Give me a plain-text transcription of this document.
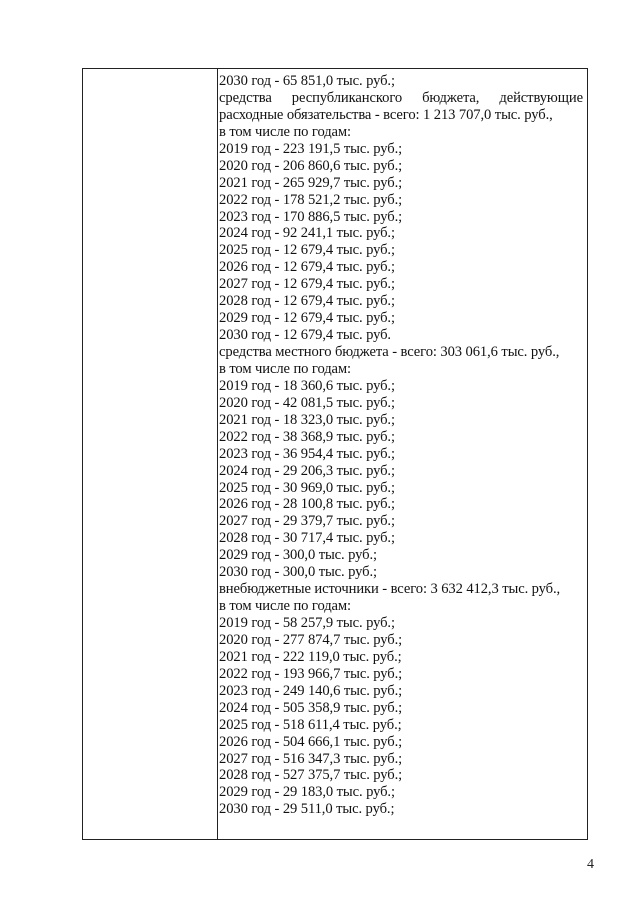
2030 год - 65 851,0 тыс. руб.;
средства республиканского бюджета, действующие
расходные обязательства - всего: 1 213 707,0 тыс. руб.,
в том числе по годам:
2019 год - 223 191,5 тыс. руб.;
2020 год - 206 860,6 тыс. руб.;
2021 год - 265 929,7 тыс. руб.;
2022 год - 178 521,2 тыс. руб.;
2023 год - 170 886,5 тыс. руб.;
2024 год - 92 241,1 тыс. руб.;
2025 год - 12 679,4 тыс. руб.;
2026 год - 12 679,4 тыс. руб.;
2027 год - 12 679,4 тыс. руб.;
2028 год - 12 679,4 тыс. руб.;
2029 год - 12 679,4 тыс. руб.;
2030 год - 12 679,4 тыс. руб.
средства местного бюджета - всего: 303 061,6 тыс. руб.,
в том числе по годам:
2019 год - 18 360,6 тыс. руб.;
2020 год - 42 081,5 тыс. руб.;
2021 год - 18 323,0 тыс. руб.;
2022 год - 38 368,9 тыс. руб.;
2023 год - 36 954,4 тыс. руб.;
2024 год - 29 206,3 тыс. руб.;
2025 год - 30 969,0 тыс. руб.;
2026 год - 28 100,8 тыс. руб.;
2027 год - 29 379,7 тыс. руб.;
2028 год - 30 717,4 тыс. руб.;
2029 год - 300,0 тыс. руб.;
2030 год - 300,0 тыс. руб.;
внебюджетные источники - всего: 3 632 412,3 тыс. руб.,
в том числе по годам:
2019 год - 58 257,9 тыс. руб.;
2020 год - 277 874,7 тыс. руб.;
2021 год - 222 119,0 тыс. руб.;
2022 год - 193 966,7 тыс. руб.;
2023 год - 249 140,6 тыс. руб.;
2024 год - 505 358,9 тыс. руб.;
2025 год - 518 611,4 тыс. руб.;
2026 год - 504 666,1 тыс. руб.;
2027 год - 516 347,3 тыс. руб.;
2028 год - 527 375,7 тыс. руб.;
2029 год - 29 183,0 тыс. руб.;
2030 год - 29 511,0 тыс. руб.;
4
